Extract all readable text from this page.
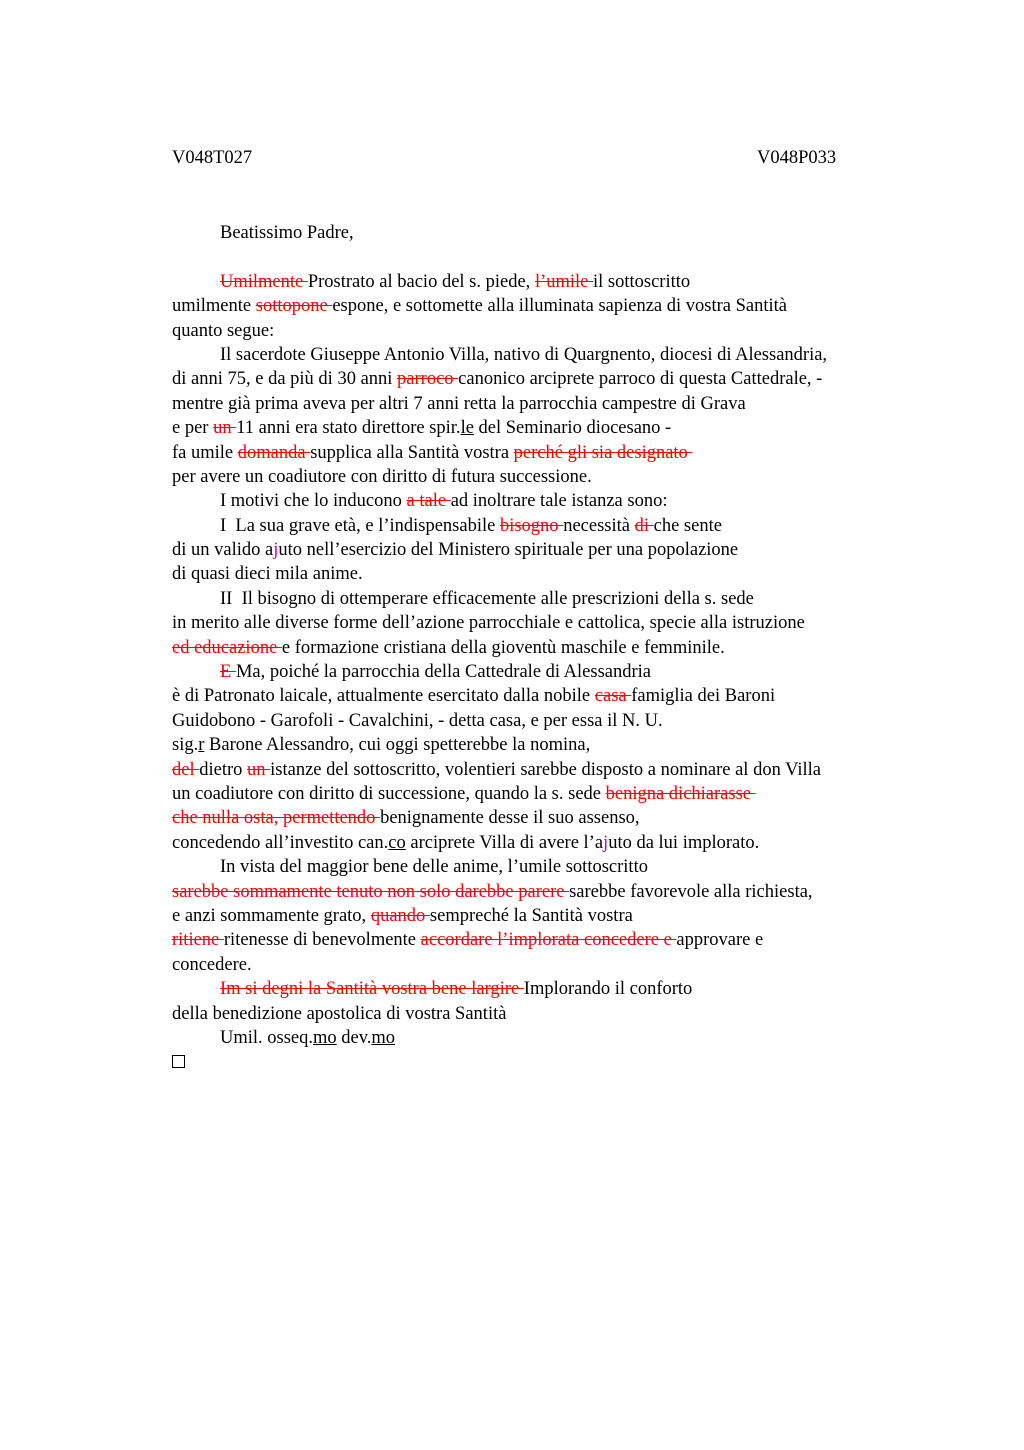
V048T027	V048P033
Beatissimo Padre,
Umilmente Prostrato al bacio del s. piede, l’umile il sottoscritto
umilmente sottopone espone, e sottomette alla illuminata sapienza di vostra Santità
quanto segue:
Il sacerdote Giuseppe Antonio Villa, nativo di Quargnento, diocesi di Alessandria,
di anni 75, e da più di 30 anni parroco canonico arciprete parroco di questa Cattedrale, -
mentre già prima aveva per altri 7 anni retta la parrocchia campestre di Grava
e per un 11 anni era stato direttore spir.le del Seminario diocesano -
fa umile domanda supplica alla Santità vostra perché gli sia designato
per avere un coadiutore con diritto di futura successione.
I motivi che lo inducono a tale ad inoltrare tale istanza sono:
I  La sua grave età, e l’indispensabile bisogno necessità di che sente
di un valido ajuto nell’esercizio del Ministero spirituale per una popolazione
di quasi dieci mila anime.
II  Il bisogno di ottemperare efficacemente alle prescrizioni della s. sede
in merito alle diverse forme dell’azione parrocchiale e cattolica, specie alla istruzione
ed educazione e formazione cristiana della gioventù maschile e femminile.
E Ma, poiché la parrocchia della Cattedrale di Alessandria
è di Patronato laicale, attualmente esercitato dalla nobile casa famiglia dei Baroni
Guidobono - Garofoli - Cavalchini, - detta casa, e per essa il N. U.
sig.r Barone Alessandro, cui oggi spetterebbe la nomina,
del dietro un istanze del sottoscritto, volentieri sarebbe disposto a nominare al don Villa
un coadiutore con diritto di successione, quando la s. sede benigna dichiarasse
che nulla osta, permettendo benignamente desse il suo assenso,
concedendo all’investito can.co arciprete Villa di avere l’ajuto da lui implorato.
In vista del maggior bene delle anime, l’umile sottoscritto
sarebbe sommamente tenuto non solo darebbe parere sarebbe favorevole alla richiesta,
e anzi sommamente grato, quando sempreché la Santità vostra
ritiene ritenesse di benevolmente accordare l’implorata concedere e approvare e
concedere.
Im si degni la Santità vostra bene largire Implorando il conforto
della benedizione apostolica di vostra Santità
Umil. osseq.mo dev.mo
